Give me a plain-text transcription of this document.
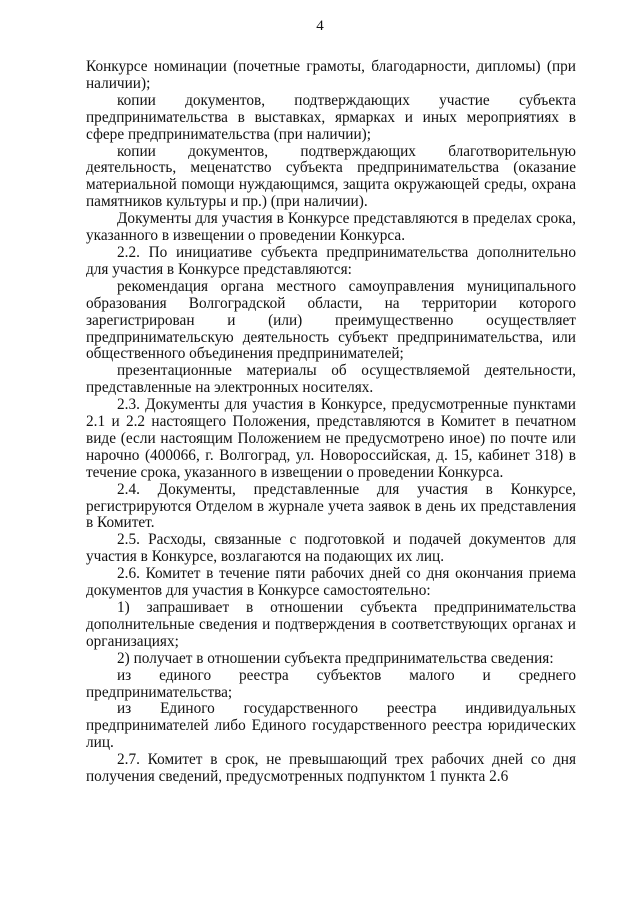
4

Конкурсе номинации (почетные грамоты, благодарности, дипломы) (при наличии);

копии документов, подтверждающих участие субъекта предпринимательства в выставках, ярмарках и иных мероприятиях в сфере предпринимательства (при наличии);

копии документов, подтверждающих благотворительную деятельность, меценатство субъекта предпринимательства (оказание материальной помощи нуждающимся, защита окружающей среды, охрана памятников культуры и пр.) (при наличии).

Документы для участия в Конкурсе представляются в пределах срока, указанного в извещении о проведении Конкурса.

2.2. По инициативе субъекта предпринимательства дополнительно для участия в Конкурсе представляются:

рекомендация органа местного самоуправления муниципального образования Волгоградской области, на территории которого зарегистрирован и (или) преимущественно осуществляет предпринимательскую деятельность субъект предпринимательства, или общественного объединения предпринимателей;

презентационные материалы об осуществляемой деятельности, представленные на электронных носителях.

2.3. Документы для участия в Конкурсе, предусмотренные пунктами 2.1 и 2.2 настоящего Положения, представляются в Комитет в печатном виде (если настоящим Положением не предусмотрено иное) по почте или нарочно (400066, г. Волгоград, ул. Новороссийская, д. 15, кабинет 318) в течение срока, указанного в извещении о проведении Конкурса.

2.4. Документы, представленные для участия в Конкурсе, регистрируются Отделом в журнале учета заявок в день их представления в Комитет.

2.5. Расходы, связанные с подготовкой и подачей документов для участия в Конкурсе, возлагаются на подающих их лиц.

2.6. Комитет в течение пяти рабочих дней со дня окончания приема документов для участия в Конкурсе самостоятельно:

1) запрашивает в отношении субъекта предпринимательства дополнительные сведения и подтверждения в соответствующих органах и организациях;

2) получает в отношении субъекта предпринимательства сведения:

из единого реестра субъектов малого и среднего предпринимательства;

из Единого государственного реестра индивидуальных предпринимателей либо Единого государственного реестра юридических лиц.

2.7. Комитет в срок, не превышающий трех рабочих дней со дня получения сведений, предусмотренных подпунктом 1 пункта 2.6
